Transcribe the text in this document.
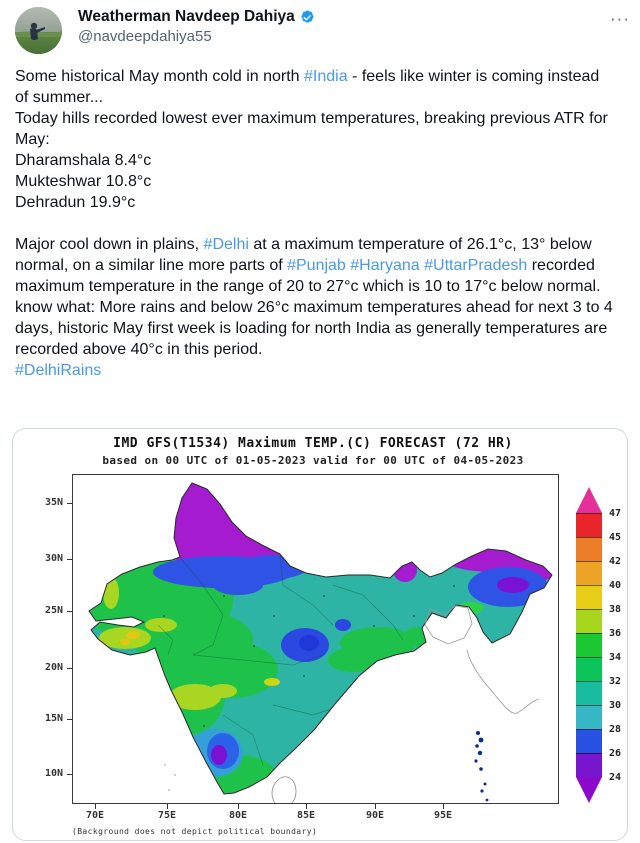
Weatherman Navdeep Dahiya
@navdeepdahiya55
···
Some historical May month cold in north #India - feels like winter is coming instead of summer...
Today hills recorded lowest ever maximum temperatures, breaking previous ATR for May:
Dharamshala 8.4°c
Mukteshwar 10.8°c
Dehradun 19.9°c
Major cool down in plains, #Delhi at a maximum temperature of 26.1°c, 13° below normal, on a similar line more parts of #Punjab #Haryana #UttarPradesh recorded maximum temperature in the range of 20 to 27°c which is 10 to 17°c below normal.
know what: More rains and below 26°c maximum temperatures ahead for next 3 to 4 days, historic May first week is loading for north India as generally temperatures are recorded above 40°c in this period.
#DelhiRains
IMD GFS(T1534) Maximum TEMP.(C) FORECAST (72 HR)
based on 00 UTC of 01-05-2023 valid for 00 UTC of 04-05-2023
35N
30N
25N
20N
15N
10N
70E	75E	80E	85E	90E	95E
47
45
42
40
38
36
34
32
30
28
26
24
(Background does not depict political boundary)
